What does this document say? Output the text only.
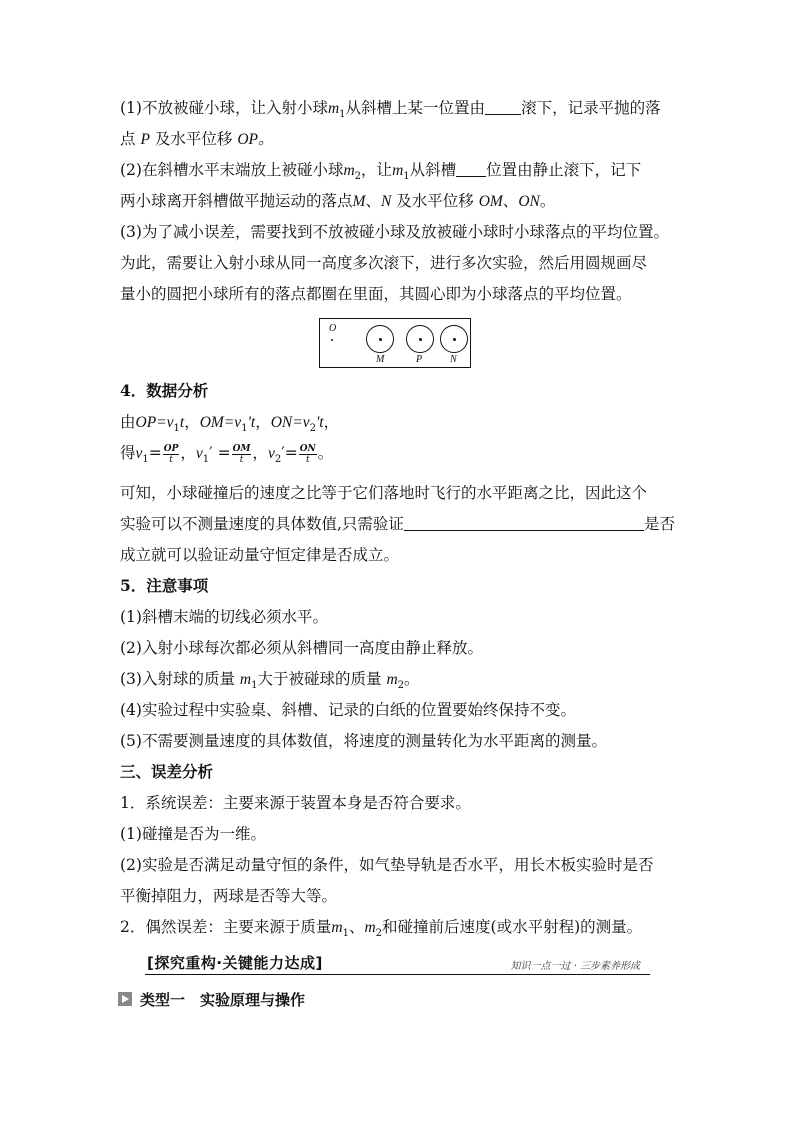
(1)不放被碰小球，让入射小球$m_1$从斜槽上某一位置由 滚下，记录平抛的落
点 P 及水平位移 OP。
(2)在斜槽水平末端放上被碰小球$m_2$，让$m_1$从斜槽 位置由静止滚下，记下
两小球离开斜槽做平抛运动的落点M、N 及水平位移 OM、ON。
(3)为了减小误差，需要找到不放被碰小球及放被碰小球时小球落点的平均位置。
为此，需要让入射小球从同一高度多次滚下，进行多次实验，然后用圆规画尽
量小的圆把小球所有的落点都圈在里面，其圆心即为小球落点的平均位置。
O
M	P	N
4．数据分析
由$OP=v_1t$，$OM=v_1't$，$ON=v_2't$，
得$v_1= \frac{OP}{t}$ ，$v_1' = \frac{OM}{t}$ ，$v_2'= \frac{ON}{t}$ 。
可知，小球碰撞后的速度之比等于它们落地时飞行的水平距离之比，因此这个
实验可以不测量速度的具体数值,只需验证	是否
成立就可以验证动量守恒定律是否成立。
5．注意事项
(1)斜槽末端的切线必须水平。
(2)入射小球每次都必须从斜槽同一高度由静止释放。
(3)入射球的质量 $m_1$大于被碰球的质量 $m_2$。
(4)实验过程中实验桌、斜槽、记录的白纸的位置要始终保持不变。
(5)不需要测量速度的具体数值，将速度的测量转化为水平距离的测量。
三、误差分析
1．系统误差：主要来源于装置本身是否符合要求。
(1)碰撞是否为一维。
(2)实验是否满足动量守恒的条件，如气垫导轨是否水平，用长木板实验时是否
平衡掉阻力，两球是否等大等。
2．偶然误差：主要来源于质量$m_1$、$m_2$和碰撞前后速度(或水平射程)的测量。
[探究重构·关键能力达成]	知识一点一过 · 三步素养形成
类型一　实验原理与操作
